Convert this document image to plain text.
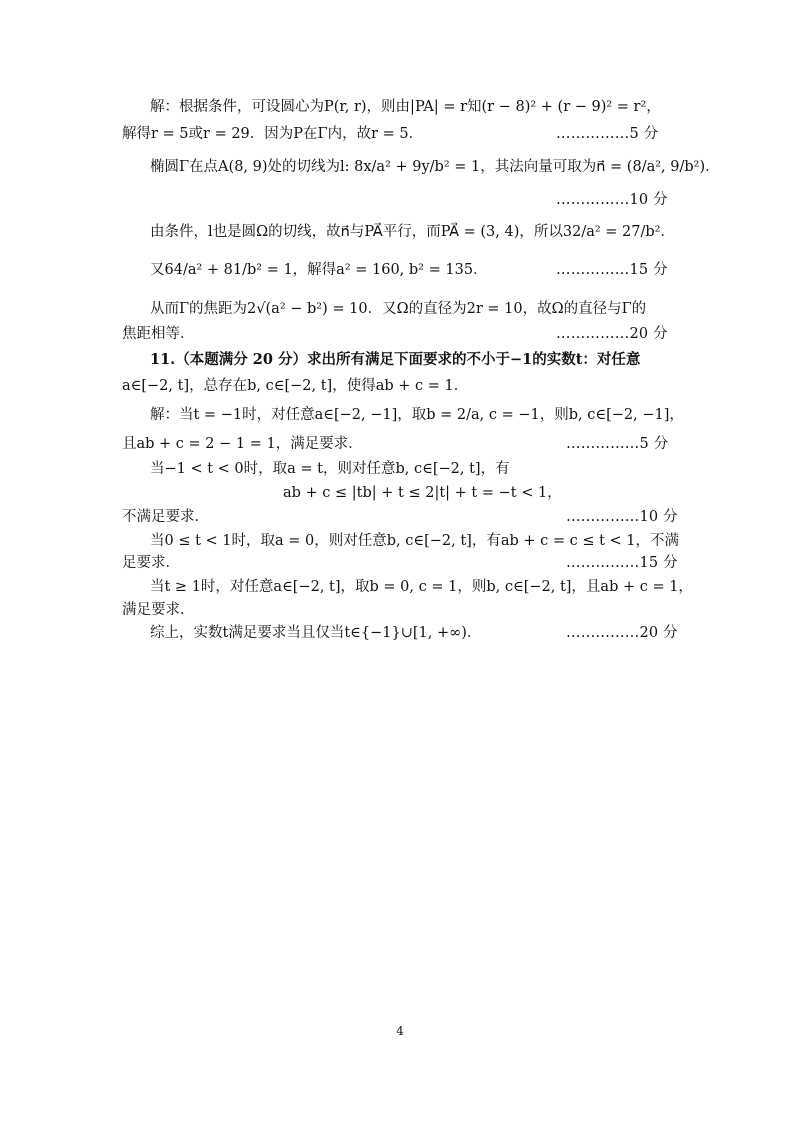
解：根据条件，可设圆心为P(r, r)，则由|PA| = r知(r − 8)² + (r − 9)² = r²，
解得r = 5或r = 29．因为P在Γ内，故r = 5．	……………5 分
椭圆Γ在点A(8, 9)处的切线为l: 8x/a² + 9y/b² = 1，其法向量可取为n⃗ = (8/a², 9/b²)．
……………10 分
由条件，l也是圆Ω的切线，故n⃗与PA⃗平行，而PA⃗ = (3, 4)，所以32/a² = 27/b²．
又64/a² + 81/b² = 1，解得a² = 160, b² = 135．	……………15 分
从而Γ的焦距为2√(a² − b²) = 10．又Ω的直径为2r = 10，故Ω的直径与Γ的
焦距相等．	……………20 分
11.（本题满分 20 分）求出所有满足下面要求的不小于−1的实数t：对任意
a∈[−2, t]，总存在b, c∈[−2, t]，使得ab + c = 1．
解：当t = −1时，对任意a∈[−2, −1]，取b = 2/a, c = −1，则b, c∈[−2, −1]，
且ab + c = 2 − 1 = 1，满足要求．	……………5 分
当−1 < t < 0时，取a = t，则对任意b, c∈[−2, t]，有
ab + c ≤ |tb| + t ≤ 2|t| + t = −t < 1，
不满足要求．	……………10 分
当0 ≤ t < 1时，取a = 0，则对任意b, c∈[−2, t]，有ab + c = c ≤ t < 1，不满
足要求．	……………15 分
当t ≥ 1时，对任意a∈[−2, t]，取b = 0, c = 1，则b, c∈[−2, t]，且ab + c = 1，
满足要求．
综上，实数t满足要求当且仅当t∈{−1}∪[1, +∞)．	……………20 分
4
